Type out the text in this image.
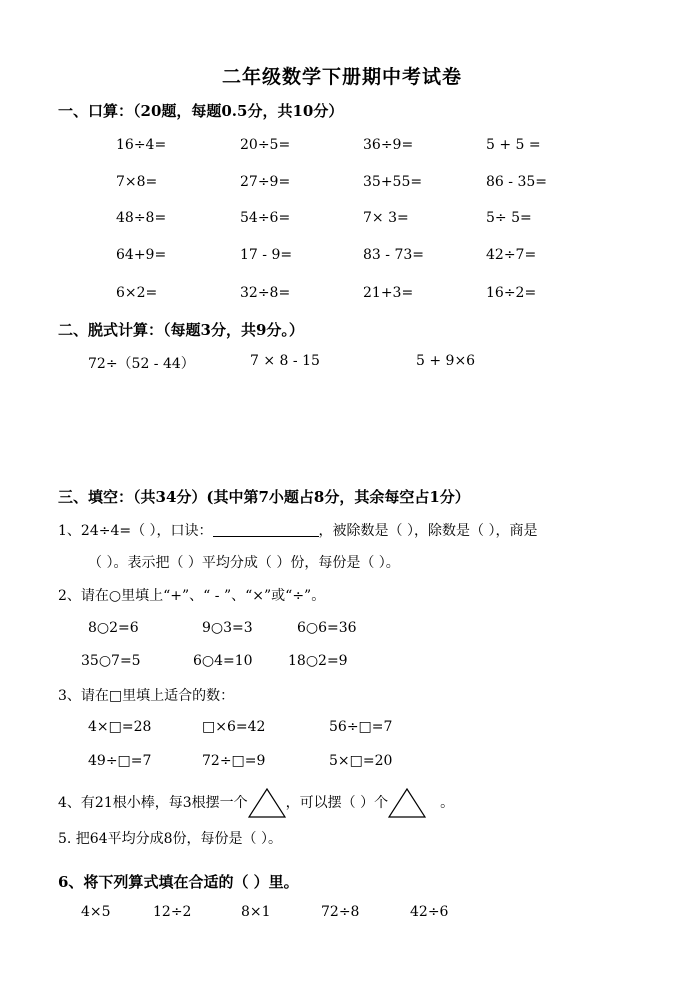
二年级数学下册期中考试卷
一、口算：（20题，每题0.5分，共10分）
16÷4=	20÷5=	36÷9=	5 + 5 =
7×8=	27÷9=	35+55=	86 - 35=
48÷8=	54÷6=	7× 3=	5÷ 5=
64+9=	17 - 9=	83 - 73=	42÷7=
6×2=	32÷8=	21+3=	16÷2=
二、脱式计算：（每题3分，共9分。）
72÷（52 - 44）	7 × 8 - 15	5 + 9×6
三、填空：（共34分）(其中第7小题占8分，其余每空占1分）
1、24÷4=（ ），口诀：	，被除数是（ ），除数是（ ），商是
（ ）。表示把（ ）平均分成（ ）份，每份是（ ）。
2、请在○里填上“+”、“ - ”、“×”或“÷”。
8○2=6	9○3=3	6○6=36
35○7=5	6○4=10	18○2=9
3、请在□里填上适合的数：
4×□=28	□×6=42	56÷□=7
49÷□=7	72÷□=9	5×□=20
4、有21根小棒，每3根摆一个	，可以摆（ ）个	。
5. 把64平均分成8份，每份是（ ）。
6、将下列算式填在合适的（ ）里。
4×5	12÷2	8×1	72÷8	42÷6
